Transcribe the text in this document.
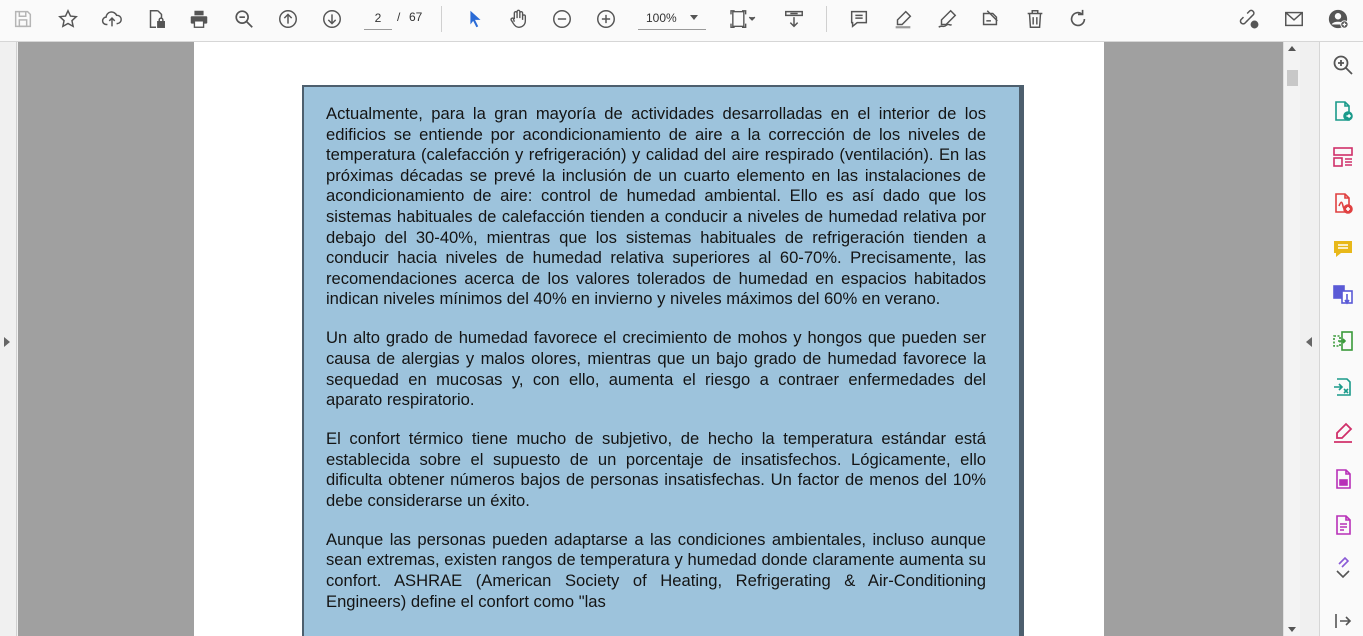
2
/ 67	100%

Actualmente, para la gran mayoría de actividades desarrolladas en el interior de los edificios se entiende por acondicionamiento de aire a la corrección de los niveles de temperatura (calefacción y refrigeración) y calidad del aire respirado (ventilación). En las próximas décadas se prevé la inclusión de un cuarto elemento en las instalaciones de acondicionamiento de aire: control de humedad ambiental. Ello es así dado que los sistemas habituales de calefacción tienden a conducir a niveles de humedad relativa por debajo del 30-40%, mientras que los sistemas habituales de refrigeración tienden a conducir hacia niveles de humedad relativa superiores al 60-70%. Precisamente, las recomendaciones acerca de los valores tolerados de humedad en espacios habitados indican niveles mínimos del 40% en invierno y niveles máximos del 60% en verano.

Un alto grado de humedad favorece el crecimiento de mohos y hongos que pueden ser causa de alergias y malos olores, mientras que un bajo grado de humedad favorece la sequedad en mucosas y, con ello, aumenta el riesgo a contraer enfermedades del aparato respiratorio.

El confort térmico tiene mucho de subjetivo, de hecho la temperatura estándar está establecida sobre el supuesto de un porcentaje de insatisfechos. Lógicamente, ello dificulta obtener números bajos de personas insatisfechas. Un factor de menos del 10% debe considerarse un éxito.

Aunque las personas pueden adaptarse a las condiciones ambientales, incluso aunque sean extremas, existen rangos de temperatura y humedad donde claramente aumenta su confort. ASHRAE (American Society of Heating, Refrigerating & Air-Conditioning Engineers) define el confort como "las
